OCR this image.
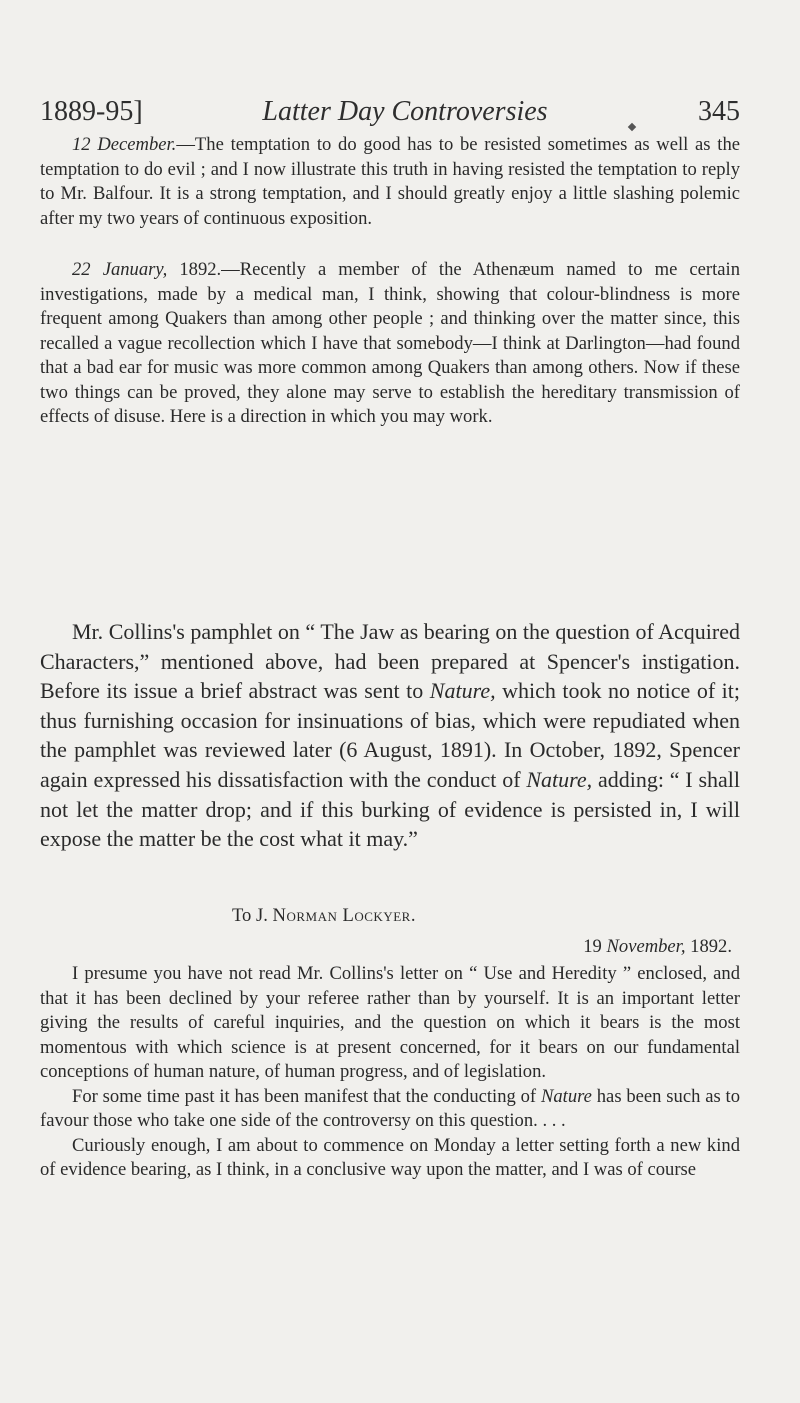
1889-95]	Latter Day Controversies	345

12 December.—The temptation to do good has to be resisted sometimes as well as the temptation to do evil ; and I now illustrate this truth in having resisted the temptation to reply to Mr. Balfour. It is a strong temptation, and I should greatly enjoy a little slashing polemic after my two years of continuous exposition.

22 January, 1892.—Recently a member of the Athenæum named to me certain investigations, made by a medical man, I think, showing that colour-blindness is more frequent among Quakers than among other people ; and thinking over the matter since, this recalled a vague recollection which I have that somebody—I think at Darlington—had found that a bad ear for music was more common among Quakers than among others. Now if these two things can be proved, they alone may serve to establish the hereditary transmission of effects of disuse. Here is a direction in which you may work.

Mr. Collins's pamphlet on “ The Jaw as bearing on the question of Acquired Characters,” mentioned above, had been prepared at Spencer's instigation. Before its issue a brief abstract was sent to Nature, which took no notice of it; thus furnishing occasion for insinuations of bias, which were repudiated when the pamphlet was reviewed later (6 August, 1891). In October, 1892, Spencer again expressed his dissatisfaction with the conduct of Nature, adding: “ I shall not let the matter drop; and if this burking of evidence is persisted in, I will expose the matter be the cost what it may.”

To J. Norman Lockyer.
19 November, 1892.

I presume you have not read Mr. Collins's letter on “ Use and Heredity ” enclosed, and that it has been declined by your referee rather than by yourself. It is an important letter giving the results of careful inquiries, and the question on which it bears is the most momentous with which science is at present concerned, for it bears on our fundamental conceptions of human nature, of human progress, and of legislation.

For some time past it has been manifest that the conducting of Nature has been such as to favour those who take one side of the controversy on this question. . . .

Curiously enough, I am about to commence on Monday a letter setting forth a new kind of evidence bearing, as I think, in a conclusive way upon the matter, and I was of course
